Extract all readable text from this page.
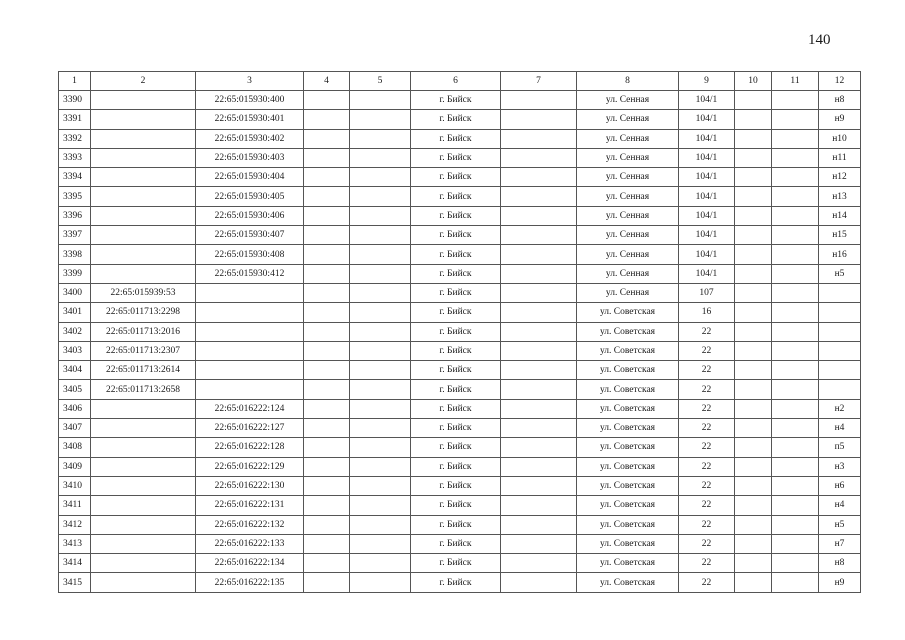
140
1	2	3	4	5	6	7	8	9	10	11	12
3390		22:65:015930:400			г. Бийск		ул. Сенная	104/1			н8
3391		22:65:015930:401			г. Бийск		ул. Сенная	104/1			н9
3392		22:65:015930:402			г. Бийск		ул. Сенная	104/1			н10
3393		22:65:015930:403			г. Бийск		ул. Сенная	104/1			н11
3394		22:65:015930:404			г. Бийск		ул. Сенная	104/1			н12
3395		22:65:015930:405			г. Бийск		ул. Сенная	104/1			н13
3396		22:65:015930:406			г. Бийск		ул. Сенная	104/1			н14
3397		22:65:015930:407			г. Бийск		ул. Сенная	104/1			н15
3398		22:65:015930:408			г. Бийск		ул. Сенная	104/1			н16
3399		22:65:015930:412			г. Бийск		ул. Сенная	104/1			н5
3400	22:65:015939:53				г. Бийск		ул. Сенная	107			
3401	22:65:011713:2298				г. Бийск		ул. Советская	16			
3402	22:65:011713:2016				г. Бийск		ул. Советская	22			
3403	22:65:011713:2307				г. Бийск		ул. Советская	22			
3404	22:65:011713:2614				г. Бийск		ул. Советская	22			
3405	22:65:011713:2658				г. Бийск		ул. Советская	22			
3406		22:65:016222:124			г. Бийск		ул. Советская	22			н2
3407		22:65:016222:127			г. Бийск		ул. Советская	22			н4
3408		22:65:016222:128			г. Бийск		ул. Советская	22			п5
3409		22:65:016222:129			г. Бийск		ул. Советская	22			н3
3410		22:65:016222:130			г. Бийск		ул. Советская	22			н6
3411		22:65:016222:131			г. Бийск		ул. Советская	22			н4
3412		22:65:016222:132			г. Бийск		ул. Советская	22			н5
3413		22:65:016222:133			г. Бийск		ул. Советская	22			н7
3414		22:65:016222:134			г. Бийск		ул. Советская	22			н8
3415		22:65:016222:135			г. Бийск		ул. Советская	22			н9
